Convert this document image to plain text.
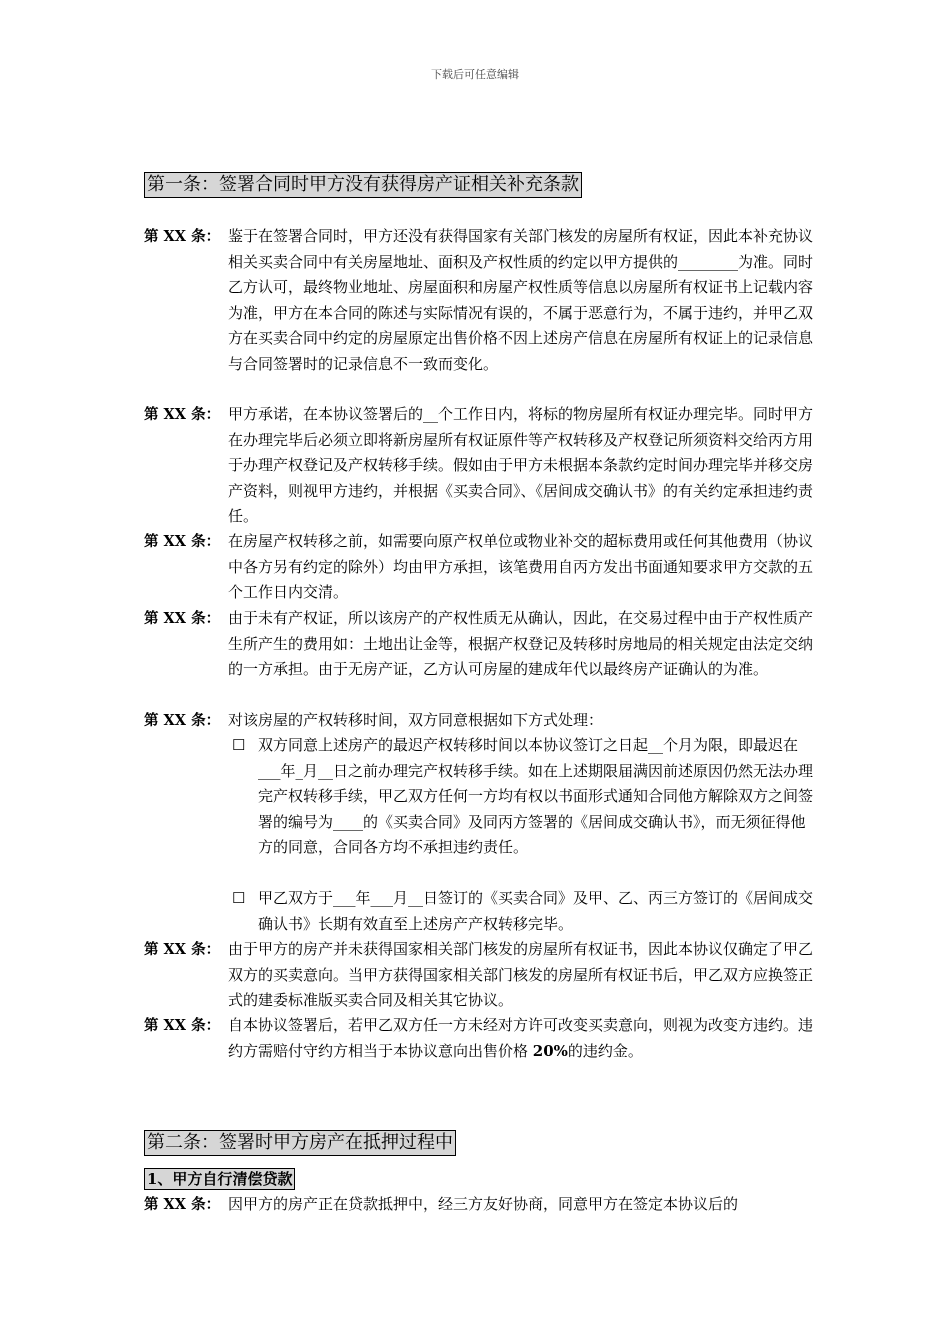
下载后可任意编辑
第一条：签署合同时甲方没有获得房产证相关补充条款
第 XX 条： 鉴于在签署合同时，甲方还没有获得国家有关部门核发的房屋所有权证，因此本补充协议相关买卖合同中有关房屋地址、面积及产权性质的约定以甲方提供的________为准。同时乙方认可，最终物业地址、房屋面积和房屋产权性质等信息以房屋所有权证书上记载内容为准，甲方在本合同的陈述与实际情况有误的，不属于恶意行为，不属于违约，并甲乙双方在买卖合同中约定的房屋原定出售价格不因上述房产信息在房屋所有权证上的记录信息与合同签署时的记录信息不一致而变化。
第 XX 条： 甲方承诺，在本协议签署后的__个工作日内，将标的物房屋所有权证办理完毕。同时甲方在办理完毕后必须立即将新房屋所有权证原件等产权转移及产权登记所须资料交给丙方用于办理产权登记及产权转移手续。假如由于甲方未根据本条款约定时间办理完毕并移交房产资料，则视甲方违约，并根据《买卖合同》、《居间成交确认书》的有关约定承担违约责任。
第 XX 条： 在房屋产权转移之前，如需要向原产权单位或物业补交的超标费用或任何其他费用（协议中各方另有约定的除外）均由甲方承担，该笔费用自丙方发出书面通知要求甲方交款的五个工作日内交清。
第 XX 条： 由于未有产权证，所以该房产的产权性质无从确认，因此，在交易过程中由于产权性质产生所产生的费用如：土地出让金等，根据产权登记及转移时房地局的相关规定由法定交纳的一方承担。由于无房产证，乙方认可房屋的建成年代以最终房产证确认的为准。
第 XX 条： 对该房屋的产权转移时间，双方同意根据如下方式处理：
☐ 双方同意上述房产的最迟产权转移时间以本协议签订之日起__个月为限，即最迟在___年_月__日之前办理完产权转移手续。如在上述期限届满因前述原因仍然无法办理完产权转移手续，甲乙双方任何一方均有权以书面形式通知合同他方解除双方之间签署的编号为____的《买卖合同》及同丙方签署的《居间成交确认书》，而无须征得他方的同意，合同各方均不承担违约责任。
☐ 甲乙双方于___年___月__日签订的《买卖合同》及甲、乙、丙三方签订的《居间成交确认书》长期有效直至上述房产产权转移完毕。
第 XX 条： 由于甲方的房产并未获得国家相关部门核发的房屋所有权证书，因此本协议仅确定了甲乙双方的买卖意向。当甲方获得国家相关部门核发的房屋所有权证书后，甲乙双方应换签正式的建委标准版买卖合同及相关其它协议。
第 XX 条： 自本协议签署后，若甲乙双方任一方未经对方许可改变买卖意向，则视为改变方违约。违约方需赔付守约方相当于本协议意向出售价格 20%的违约金。
第二条：签署时甲方房产在抵押过程中
1、甲方自行清偿贷款
第 XX 条： 因甲方的房产正在贷款抵押中，经三方友好协商，同意甲方在签定本协议后的
